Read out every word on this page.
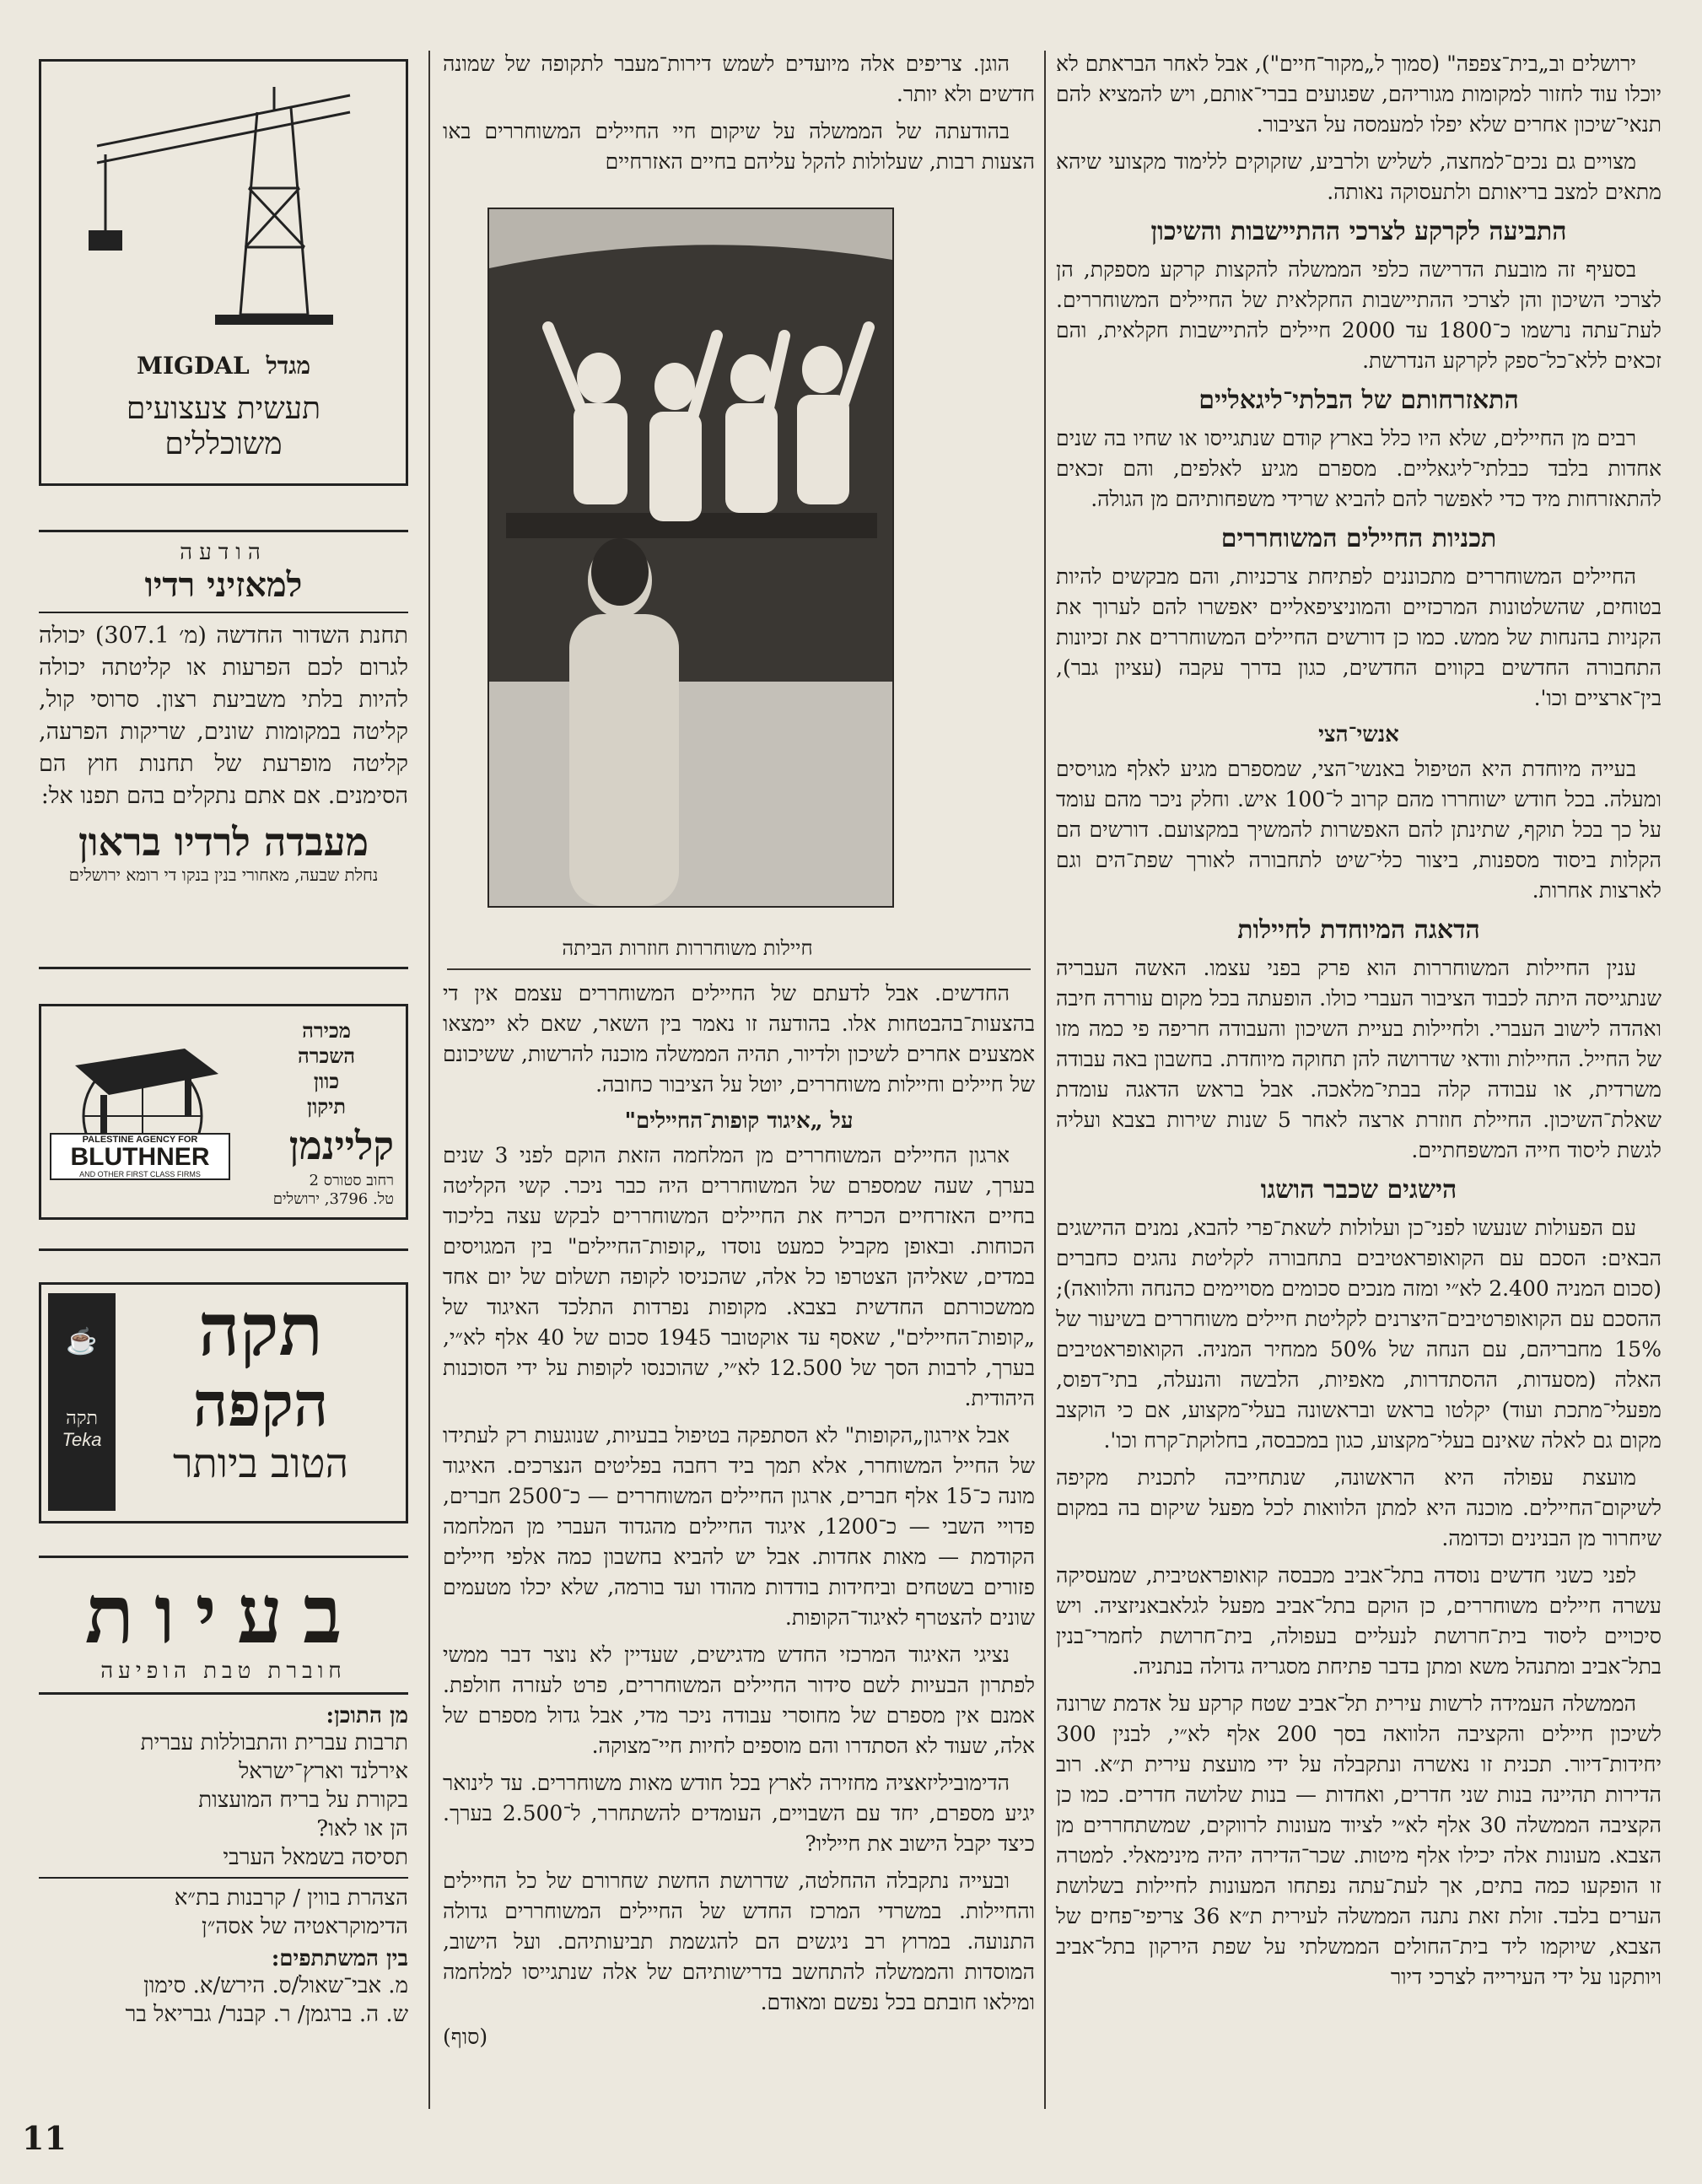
ירושלים וב„בית־צפפה" (סמוך ל„מקור־חיים"), אבל לאחר הבראתם לא יוכלו עוד לחזור למקומות מגוריהם, שפגועים בברי־אותם, ויש להמציא להם תנאי־שיכון אחרים שלא יפלו למעמסה על הציבור.

מצויים גם נכים־למחצה, לשליש ולרביע, שזקוקים ללימוד מקצועי שיהא מתאים למצב בריאותם ולתעסוקה נאותה.

התביעה לקרקע לצרכי ההתיישבות והשיכון

בסעיף זה מובעת הדרישה כלפי הממשלה להקצות קרקע מספקת, הן לצרכי השיכון והן לצרכי ההתיישבות החקלאית של החיילים המשוחררים. לעת־עתה נרשמו כ־1800 עד 2000 חיילים להתיישבות חקלאית, והם זכאים ללא־כל־ספק לקרקע הנדרשת.

התאזרחותם של הבלתי־ליגאליים

רבים מן החיילים, שלא היו כלל בארץ קודם שנתגייסו או שחיו בה שנים אחדות בלבד כבלתי־ליגאליים. מספרם מגיע לאלפים, והם זכאים להתאזרחות מיד כדי לאפשר להם להביא שרידי משפחותיהם מן הגולה.

תכניות החיילים המשוחררים

החיילים המשוחררים מתכוננים לפתיחת צרכניות, והם מבקשים להיות בטוחים, שהשלטונות המרכזיים והמוניציפאליים יאפשרו להם לערוך את הקניות בהנחות של ממש. כמו כן דורשים החיילים המשוחררים את זכיונות התחבורה החדשים בקווים החדשים, כגון בדרך עקבה (עציון גבר), בין־ארציים וכו'.

אנשי־הצי

בעייה מיוחדת היא הטיפול באנשי־הצי, שמספרם מגיע לאלף מגויסים ומעלה. בכל חודש ישוחררו מהם קרוב ל־100 איש. וחלק ניכר מהם עומד על כך בכל תוקף, שתינתן להם האפשרות להמשיך במקצועם. דורשים הם הקלות ביסוד מספנות, ביצור כלי־שיט לתחבורה לאורך שפת־הים וגם לארצות אחרות.

הדאגה המיוחדת לחיילות

ענין החיילות המשוחררות הוא פרק בפני עצמו. האשה העבריה שנתגייסה היתה לכבוד הציבור העברי כולו. הופעתה בכל מקום עוררה חיבה ואהדה לישוב העברי. ולחיילות בעיית השיכון והעבודה חריפה פי כמה מזו של החייל. החיילות וודאי שדרושה להן תחוקה מיוחדת. בחשבון באה עבודה משרדית, או עבודה קלה בבתי־מלאכה. אבל בראש הדאגה עומדת שאלת־השיכון. החיילת חוזרת ארצה לאחר 5 שנות שירות בצבא ועליה לגשת ליסוד חייה המשפחתיים.

הישגים שכבר הושגו

עם הפעולות שנעשו לפני־כן ועלולות לשאת־פרי להבא, נמנים ההישגים הבאים: הסכם עם הקואופראטיבים בתחבורה לקליטת נהגים כחברים (סכום המניה 2.400 לא״י ומזה מנכים סכומים מסויימים כהנחה והלוואה); ההסכם עם הקואופרטיבים־היצרנים לקליטת חיילים משוחררים בשיעור של 15% מחבריהם, עם הנחה של 50% ממחיר המניה. הקואופראטיבים האלה (מסעדות, ההסתדרות, מאפיות, הלבשה והנעלה, בתי־דפוס, מפעלי־מתכת ועוד) יקלטו בראש ובראשונה בעלי־מקצוע, אם כי הוקצב מקום גם לאלה שאינם בעלי־מקצוע, כגון במכבסה, בחלוקת־קרח וכו'.

מועצת עפולה היא הראשונה, שנתחייבה לתכנית מקיפה לשיקום־החיילים. מוכנה היא למתן הלוואות לכל מפעל שיקום בה במקום שיחרור מן הבנינים וכדומה.

לפני כשני חדשים נוסדה בתל־אביב מכבסה קואופראטיבית, שמעסיקה עשרה חיילים משוחררים, כן הוקם בתל־אביב מפעל לגלאבאניזציה. ויש סיכויים ליסוד בית־חרושת לנעליים בעפולה, בית־חרושת לחמרי־בנין בתל־אביב ומתנהל משא ומתן בדבר פתיחת מסגריה גדולה בנתניה.

הממשלה העמידה לרשות עירית תל־אביב שטח קרקע על אדמת שרונה לשיכון חיילים והקציבה הלוואה בסך 200 אלף לא״י, לבנין 300 יחידות־דיור. תכנית זו נאשרה ונתקבלה על ידי מועצת עירית ת״א. רוב הדירות תהיינה בנות שני חדרים, ואחדות — בנות שלושה חדרים. כמו כן הקציבה הממשלה 30 אלף לא״י לציוד מעונות לרווקים, שמשתחררים מן הצבא. מעונות אלה יכילו אלף מיטות. שכר־הדירה יהיה מינימאלי. למטרה זו הופקעו כמה בתים, אך לעת־עתה נפתחו המעונות לחיילות בשלושת הערים בלבד. זולת זאת נתנה הממשלה לעירית ת״א 36 צריפי־פחים של הצבא, שיוקמו ליד בית־החולים הממשלתי על שפת הירקון בתל־אביב ויותקנו על ידי העירייה לצרכי דיור

הוגן. צריפים אלה מיועדים לשמש דירות־מעבר לתקופה של שמונה חדשים ולא יותר.

בהודעתה של הממשלה על שיקום חיי החיילים המשוחררים באו הצעות רבות, שעלולות להקל עליהם בחיים האזרחיים

חיילות משוחררות חוזרות הביתה

החדשים. אבל לדעתם של החיילים המשוחררים עצמם אין די בהצעות־בהבטחות אלו. בהודעה זו נאמר בין השאר, שאם לא יימצאו אמצעים אחרים לשיכון ולדיור, תהיה הממשלה מוכנה להרשות, ששיכונם של חיילים וחיילות משוחררים, יוטל על הציבור כחובה.

על „איגוד קופות־החיילים"

ארגון החיילים המשוחררים מן המלחמה הזאת הוקם לפני 3 שנים בערך, שעה שמספרם של המשוחררים היה כבר ניכר. קשי הקליטה בחיים האזרחיים הכריח את החיילים המשוחררים לבקש עצה בליכוד הכוחות. ובאופן מקביל כמעט נוסדו „קופות־החיילים" בין המגויסים במדים, שאליהן הצטרפו כל אלה, שהכניסו לקופה תשלום של יום אחד ממשכורתם החדשית בצבא. מקופות נפרדות התלכד האיגוד של „קופות־החיילים", שאסף עד אוקטובר 1945 סכום של 40 אלף לא״י, בערך, לרבות הסך של 12.500 לא״י, שהוכנסו לקופות על ידי הסוכנות היהודית.

אבל אירגון„הקופות" לא הסתפקה בטיפול בבעיות, שנוגעות רק לעתידו של החייל המשוחרר, אלא תמך ביד רחבה בפליטים הנצרכים. האיגוד מונה כ־15 אלף חברים, ארגון החיילים המשוחררים — כ־2500 חברים, פדויי השבי — כ־1200, איגוד החיילים מהגדוד העברי מן המלחמה הקודמת — מאות אחדות. אבל יש להביא בחשבון כמה אלפי חיילים פזורים בשטחים וביחידות בודדות מהודו ועד בורמה, שלא יכלו מטעמים שונים להצטרף לאיגוד־הקופות.

נציגי האיגוד המרכזי החדש מדגישים, שעדיין לא נוצר דבר ממשי לפתרון הבעיות לשם סידור החיילים המשוחררים, פרט לעזרה חולפת. אמנם אין מספרם של מחוסרי עבודה ניכר מדי, אבל גדול מספרם של אלה, שעוד לא הסתדרו והם מוספים לחיות חיי־מצוקה.

הדימוביליזאציה מחזירה לארץ בכל חודש מאות משוחררים. עד לינואר יגיע מספרם, יחד עם השבויים, העומדים להשתחרר, ל־2.500 בערך. כיצד יקבל הישוב את חייליו?

ובעייה נתקבלה ההחלטה, שדרושת החשת שחרורם של כל החיילים והחיילות. במשרדי המרכז החדש של החיילים המשוחררים גדולה התנועה. במרוץ רב ניגשים הם להגשמת תביעותיהם. ועל הישוב, המוסדות והממשלה להתחשב בדרישותיהם של אלה שנתגייסו למלחמה ומילאו חובתם בכל נפשם ומאודם.

(סוף)
מגדל
MIGDAL
תעשית צעצועים
משוכללים
הודעה
למאזיני רדיו
תחנת השדור החדשה (מ׳ 307.1) יכולה לגרום לכם הפרעות או קליטתה יכולה להיות בלתי משביעת רצון. סרוסי קול, קליטה במקומות שונים, שריקות הפרעה, קליטה מופרעת של תחנות חוץ הם הסימנים. אם אתם נתקלים בהם תפנו אל:
מעבדה לרדיו בראון
נחלת שבעה, מאחורי בנין בנקו די רומא ירושלים
מכירה
השכרה
כוון
תיקון
קליינמן
רחוב סטורס 2
טל. 3796, ירושלים
PALESTINE AGENCY FOR
BLUTHNER
AND OTHER FIRST CLASS FIRMS
☕
תקה
Teka
תקה
הקפה
הטוב ביותר
בעיות
חוברת טבת הופיעה
מן התוכן:
תרבות עברית והתבוללות עברית
אירלנד וארץ־ישראל
בקורת על בריח המועצות
הן או לאו?
תסיסה בשמאל הערבי
הצהרת בווין / קרבנות בת״א
הדימוקראטיה של אסה״ן
בין המשתתפים:
מ. אבי־שאול/ס. הירש/א. סימון
ש. ה. ברגמן/ ר. קבנר/ גבריאל בר
11
